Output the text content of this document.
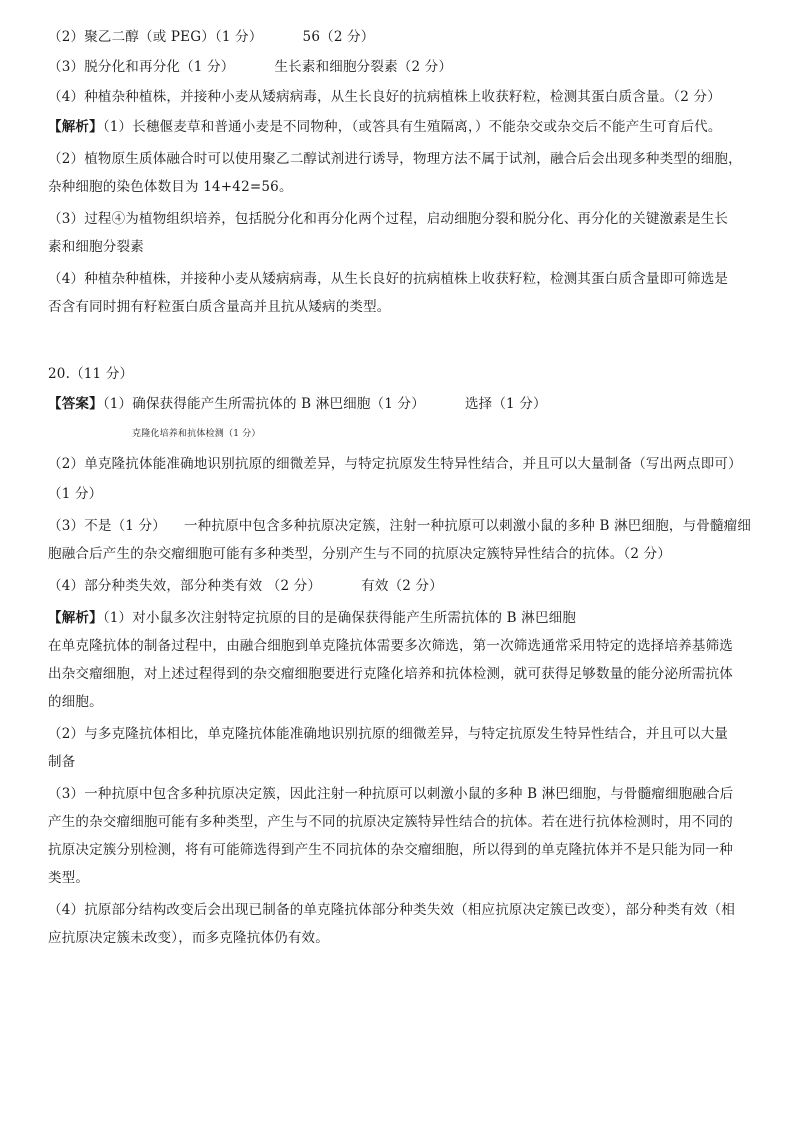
（2）聚乙二醇（或 PEG）（1 分）	56（2 分）
（3）脱分化和再分化（1 分）	生长素和细胞分裂素（2 分）
（4）种植杂种植株，并接种小麦从矮病病毒，从生长良好的抗病植株上收获籽粒，检测其蛋白质含量。（2 分）
【解析】（1）长穗偃麦草和普通小麦是不同物种，（或答具有生殖隔离，）不能杂交或杂交后不能产生可育后代。
（2）植物原生质体融合时可以使用聚乙二醇试剂进行诱导，物理方法不属于试剂，融合后会出现多种类型的细胞，
杂种细胞的染色体数目为 14+42=56。
（3）过程④为植物组织培养，包括脱分化和再分化两个过程，启动细胞分裂和脱分化、再分化的关键激素是生长
素和细胞分裂素
（4）种植杂种植株，并接种小麦从矮病病毒，从生长良好的抗病植株上收获籽粒，检测其蛋白质含量即可筛选是
否含有同时拥有籽粒蛋白质含量高并且抗从矮病的类型。
20.（11 分）
【答案】（1）确保获得能产生所需抗体的 B 淋巴细胞（1 分）	选择（1 分）
克隆化培养和抗体检测（1 分）
（2）单克隆抗体能准确地识别抗原的细微差异，与特定抗原发生特异性结合，并且可以大量制备（写出两点即可）
（1 分）
（3）不是（1 分） 一种抗原中包含多种抗原决定簇，注射一种抗原可以刺激小鼠的多种 B 淋巴细胞，与骨髓瘤细
胞融合后产生的杂交瘤细胞可能有多种类型，分别产生与不同的抗原决定簇特异性结合的抗体。（2 分）
（4）部分种类失效，部分种类有效 （2 分）	有效（2 分）
【解析】（1）对小鼠多次注射特定抗原的目的是确保获得能产生所需抗体的 B 淋巴细胞
在单克隆抗体的制备过程中，由融合细胞到单克隆抗体需要多次筛选，第一次筛选通常采用特定的选择培养基筛选
出杂交瘤细胞，对上述过程得到的杂交瘤细胞要进行克隆化培养和抗体检测，就可获得足够数量的能分泌所需抗体
的细胞。
（2）与多克隆抗体相比，单克隆抗体能准确地识别抗原的细微差异，与特定抗原发生特异性结合，并且可以大量
制备
（3）一种抗原中包含多种抗原决定簇，因此注射一种抗原可以刺激小鼠的多种 B 淋巴细胞，与骨髓瘤细胞融合后
产生的杂交瘤细胞可能有多种类型，产生与不同的抗原决定簇特异性结合的抗体。若在进行抗体检测时，用不同的
抗原决定簇分别检测，将有可能筛选得到产生不同抗体的杂交瘤细胞，所以得到的单克隆抗体并不是只能为同一种
类型。
（4）抗原部分结构改变后会出现已制备的单克隆抗体部分种类失效（相应抗原决定簇已改变），部分种类有效（相
应抗原决定簇未改变），而多克隆抗体仍有效。
